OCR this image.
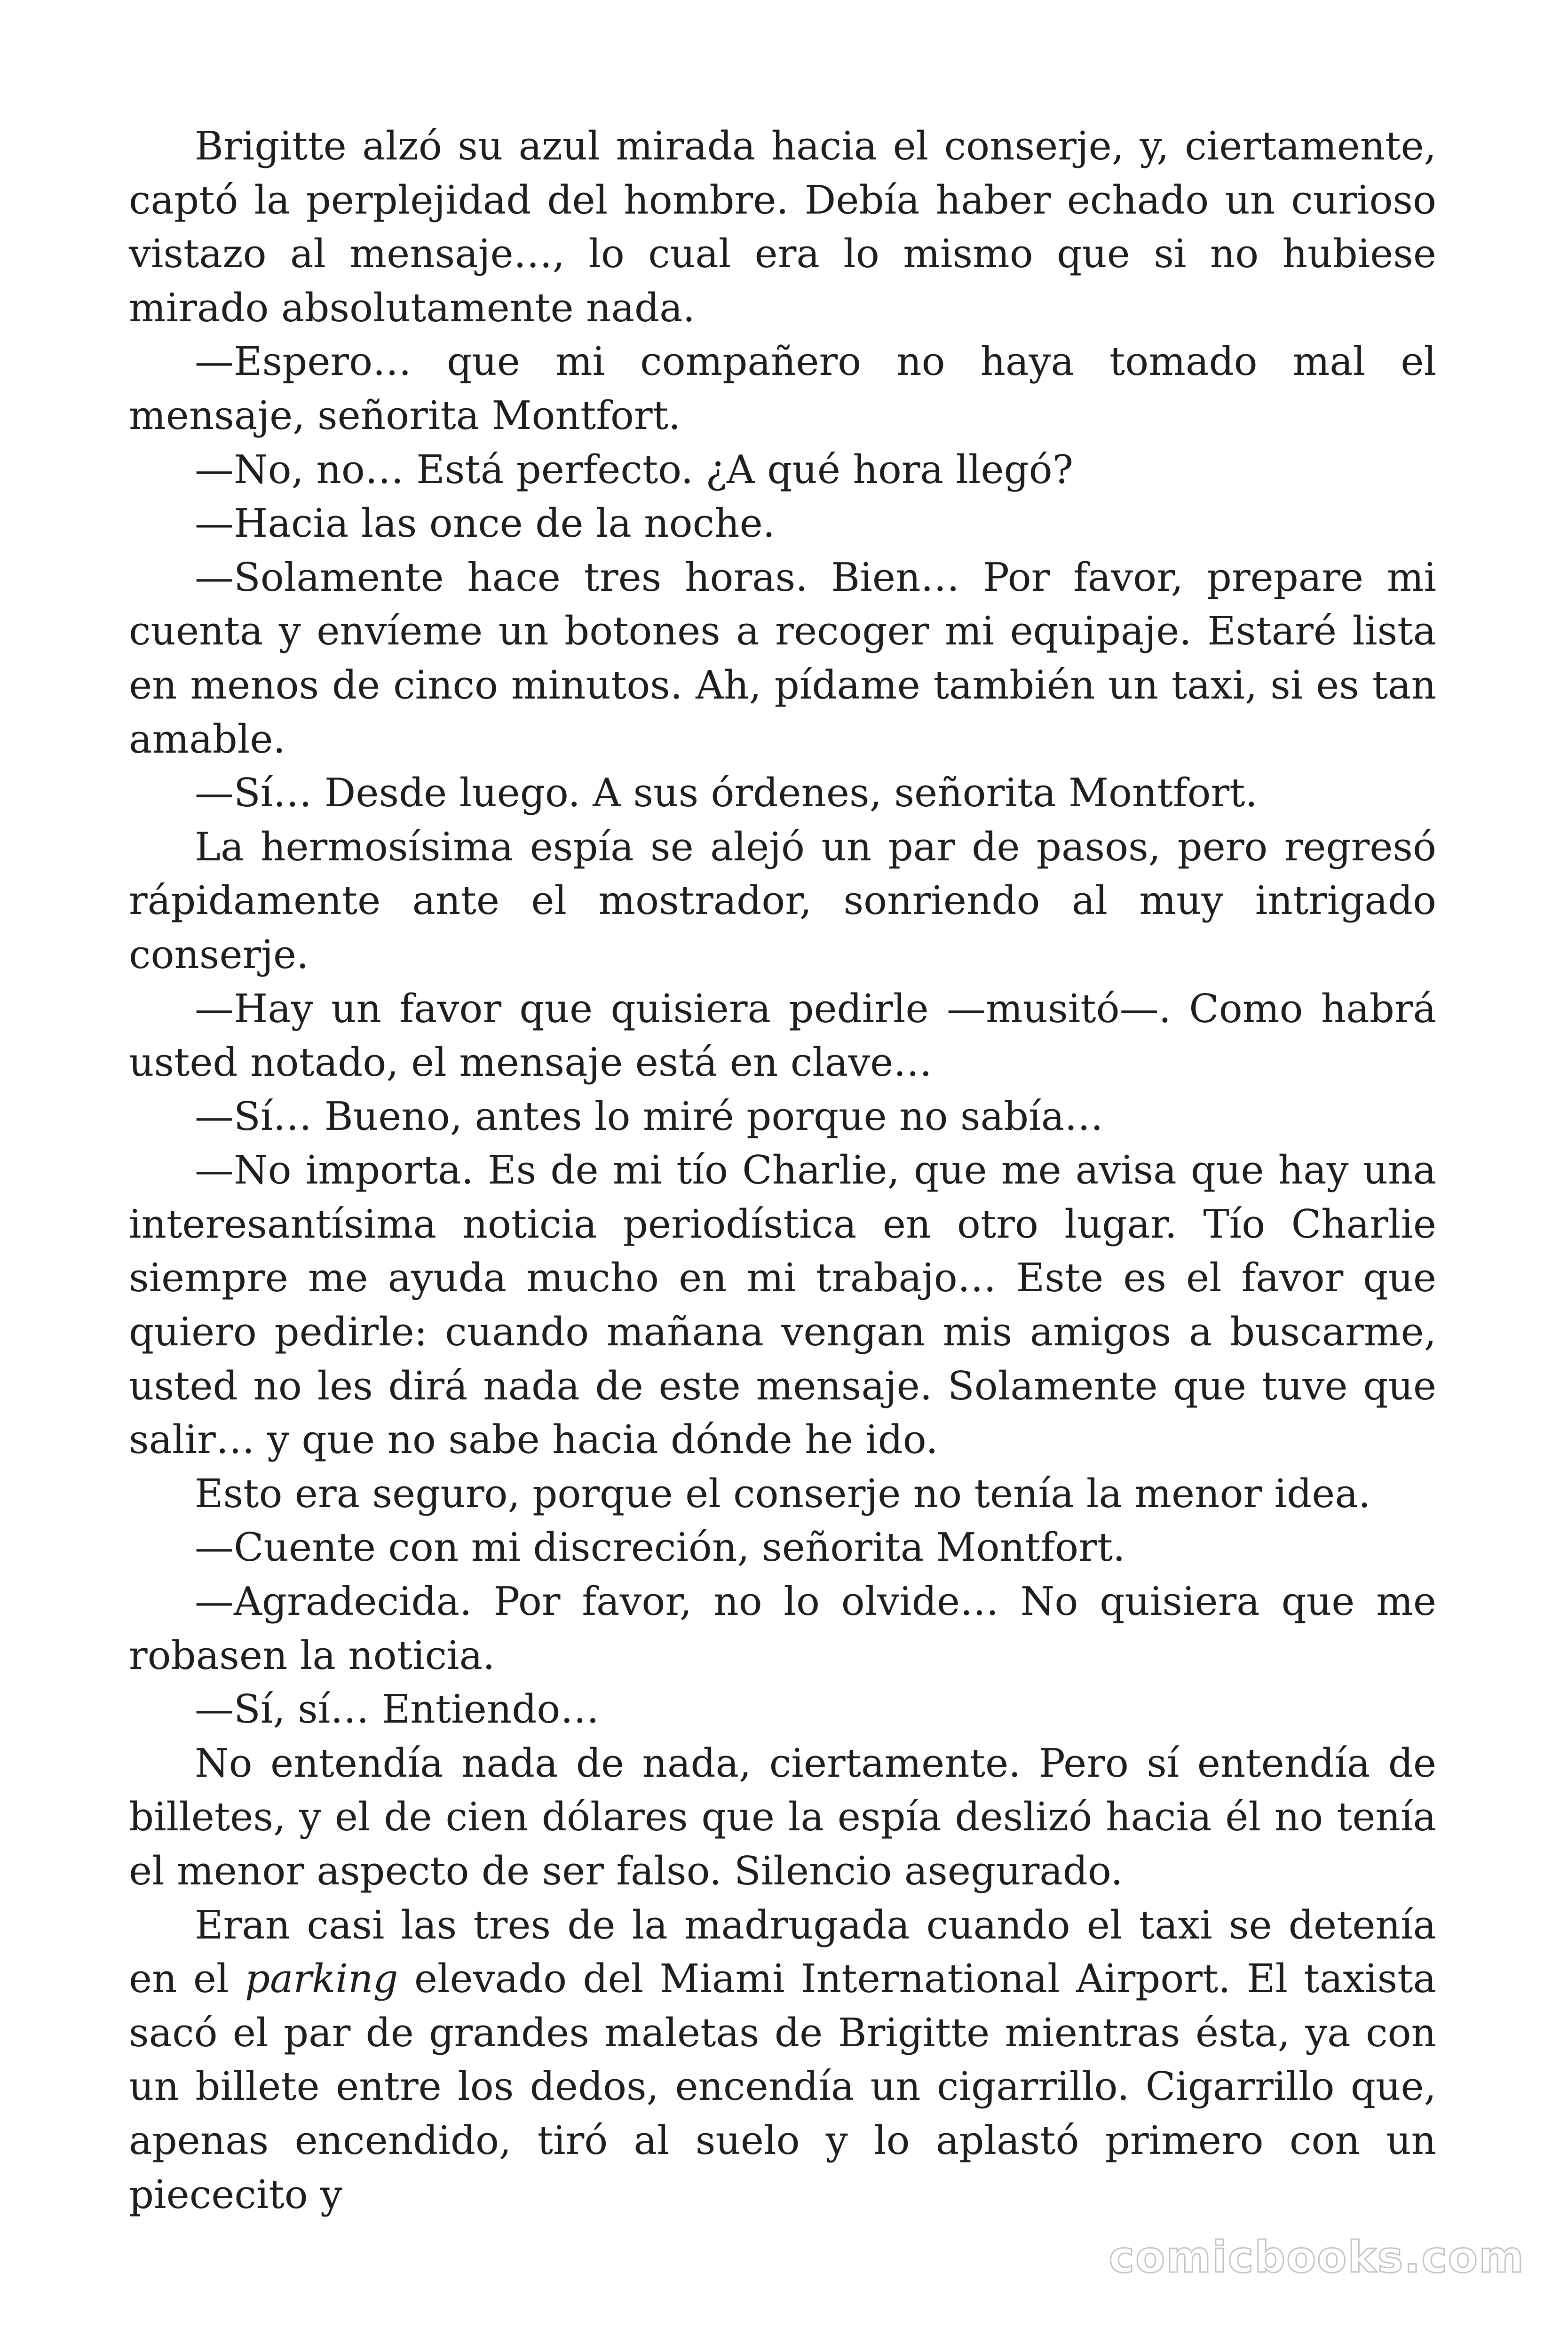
Brigitte alzó su azul mirada hacia el conserje, y, ciertamente, captó la perplejidad del hombre. Debía haber echado un curioso vistazo al mensaje…, lo cual era lo mismo que si no hubiese mirado absolutamente nada.

—Espero… que mi compañero no haya tomado mal el mensaje, señorita Montfort.

—No, no… Está perfecto. ¿A qué hora llegó?

—Hacia las once de la noche.

—Solamente hace tres horas. Bien… Por favor, prepare mi cuenta y envíeme un botones a recoger mi equipaje. Estaré lista en menos de cinco minutos. Ah, pídame también un taxi, si es tan amable.

—Sí… Desde luego. A sus órdenes, señorita Montfort.

La hermosísima espía se alejó un par de pasos, pero regresó rápidamente ante el mostrador, sonriendo al muy intrigado conserje.

—Hay un favor que quisiera pedirle —musitó—. Como habrá usted notado, el mensaje está en clave…

—Sí… Bueno, antes lo miré porque no sabía…

—No importa. Es de mi tío Charlie, que me avisa que hay una interesantísima noticia periodística en otro lugar. Tío Charlie siempre me ayuda mucho en mi trabajo… Este es el favor que quiero pedirle: cuando mañana vengan mis amigos a buscarme, usted no les dirá nada de este mensaje. Solamente que tuve que salir… y que no sabe hacia dónde he ido.

Esto era seguro, porque el conserje no tenía la menor idea.

—Cuente con mi discreción, señorita Montfort.

—Agradecida. Por favor, no lo olvide… No quisiera que me robasen la noticia.

—Sí, sí… Entiendo…

No entendía nada de nada, ciertamente. Pero sí entendía de billetes, y el de cien dólares que la espía deslizó hacia él no tenía el menor aspecto de ser falso. Silencio asegurado.

Eran casi las tres de la madrugada cuando el taxi se detenía en el parking elevado del Miami International Airport. El taxista sacó el par de grandes maletas de Brigitte mientras ésta, ya con un billete entre los dedos, encendía un cigarrillo. Cigarrillo que, apenas encendido, tiró al suelo y lo aplastó primero con un piececito y

comicbooks.com
